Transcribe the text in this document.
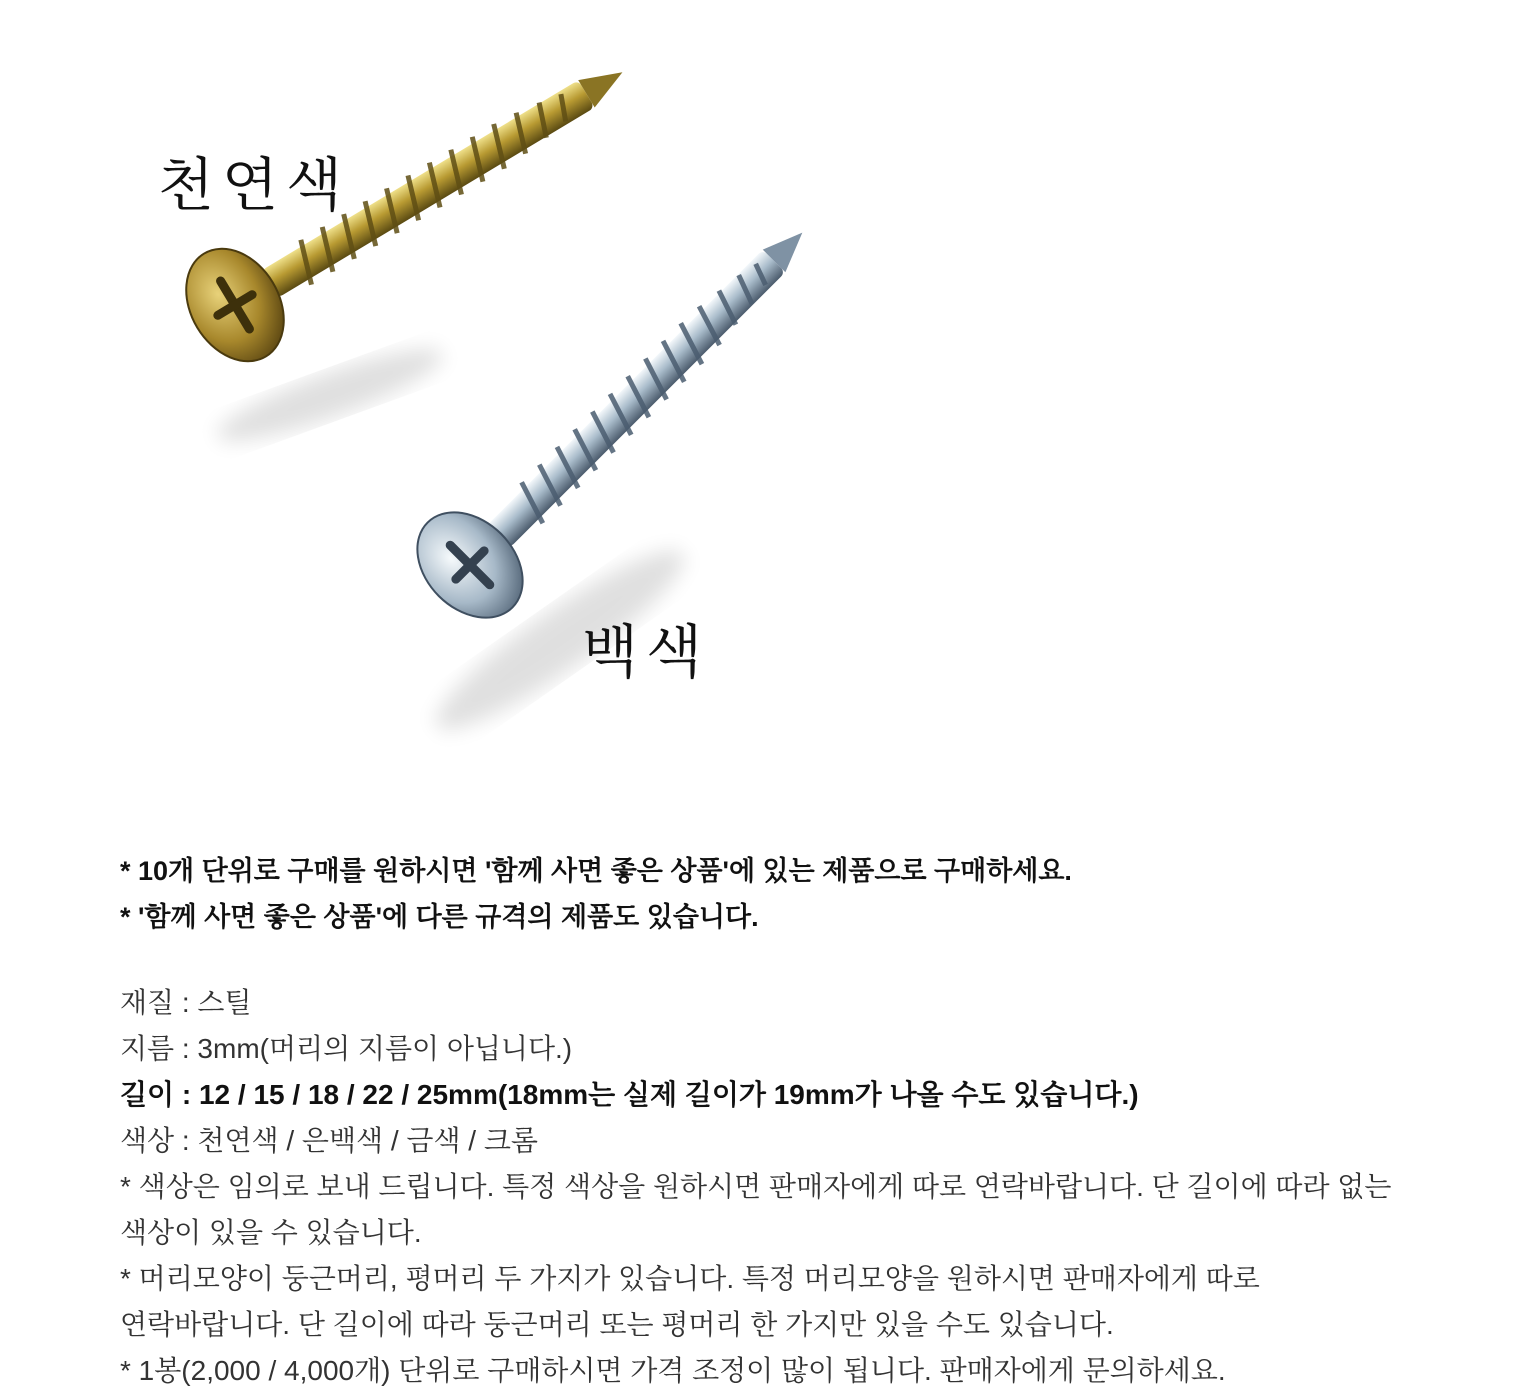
천연색
백색
* 10개 단위로 구매를 원하시면 '함께 사면 좋은 상품'에 있는 제품으로 구매하세요.
* '함께 사면 좋은 상품'에 다른 규격의 제품도 있습니다.
재질 : 스틸
지름 : 3mm(머리의 지름이 아닙니다.)
길이 : 12 / 15 / 18 / 22 / 25mm(18mm는 실제 길이가 19mm가 나올 수도 있습니다.)
색상 : 천연색 / 은백색 / 금색 / 크롬
* 색상은 임의로 보내 드립니다. 특정 색상을 원하시면 판매자에게 따로 연락바랍니다. 단 길이에 따라 없는 색상이 있을 수 있습니다.
* 머리모양이 둥근머리, 평머리 두 가지가 있습니다. 특정 머리모양을 원하시면 판매자에게 따로 연락바랍니다. 단 길이에 따라 둥근머리 또는 평머리 한 가지만 있을 수도 있습니다.
* 1봉(2,000 / 4,000개) 단위로 구매하시면 가격 조정이 많이 됩니다. 판매자에게 문의하세요.
